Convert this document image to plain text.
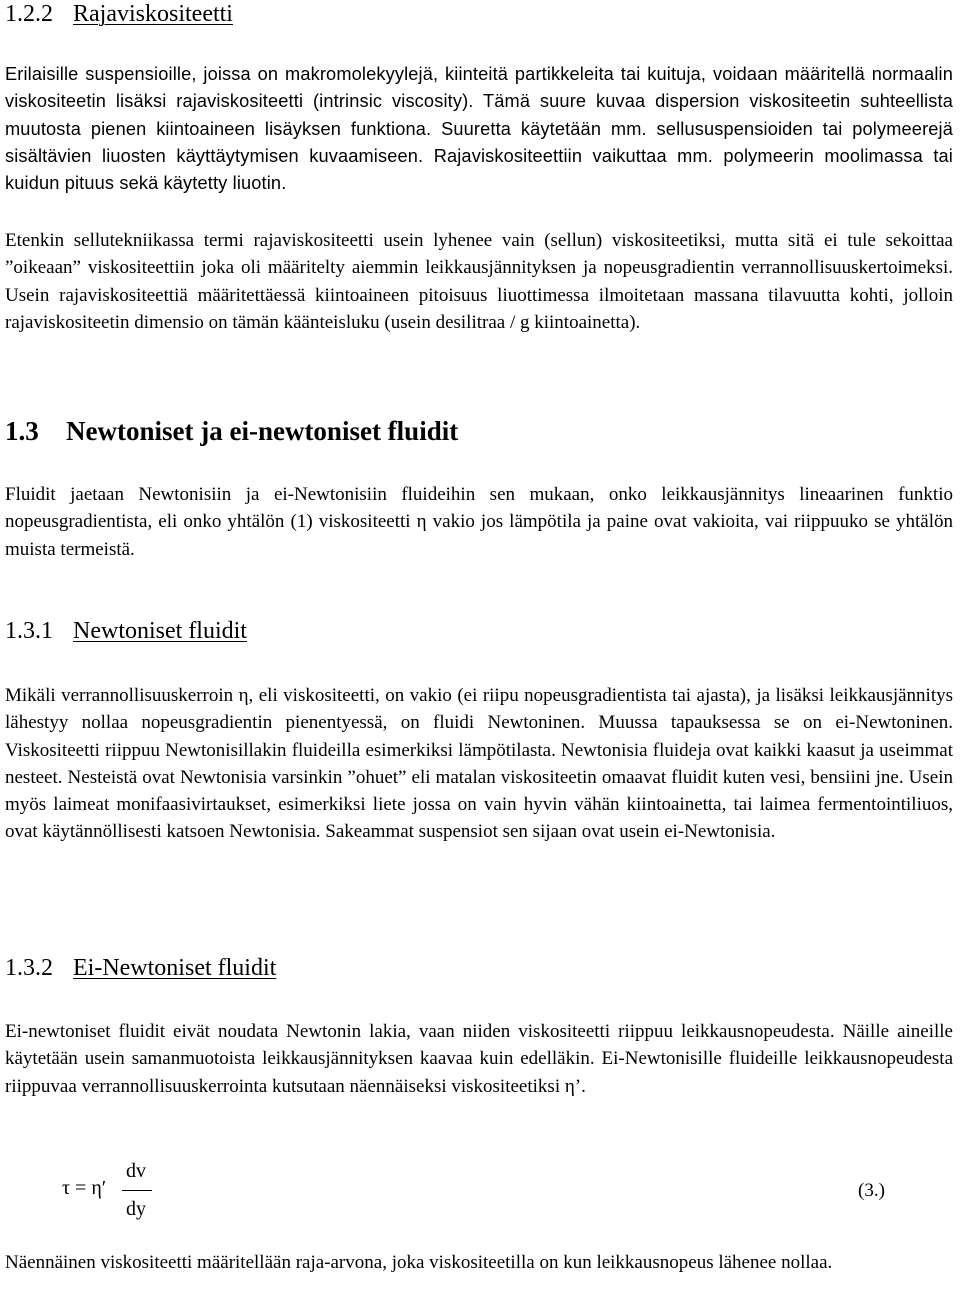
1.2.2 Rajaviskositeetti

Erilaisille suspensioille, joissa on makromolekyylejä, kiinteitä partikkeleita tai kuituja, voidaan määritellä normaalin viskositeetin lisäksi rajaviskositeetti (intrinsic viscosity). Tämä suure kuvaa dispersion viskositeetin suhteellista muutosta pienen kiintoaineen lisäyksen funktiona. Suuretta käytetään mm. sellususpensioiden tai polymeerejä sisältävien liuosten käyttäytymisen kuvaamiseen. Rajaviskositeettiin vaikuttaa mm. polymeerin moolimassa tai kuidun pituus sekä käytetty liuotin.

Etenkin sellutekniikassa termi rajaviskositeetti usein lyhenee vain (sellun) viskositeetiksi, mutta sitä ei tule sekoittaa ”oikeaan” viskositeettiin joka oli määritelty aiemmin leikkausjännityksen ja nopeusgradientin verrannollisuuskertoimeksi. Usein rajaviskositeettiä määritettäessä kiintoaineen pitoisuus liuottimessa ilmoitetaan massana tilavuutta kohti, jolloin rajaviskositeetin dimensio on tämän käänteisluku (usein desilitraa / g kiintoainetta).

1.3 Newtoniset ja ei-newtoniset fluidit

Fluidit jaetaan Newtonisiin ja ei-Newtonisiin fluideihin sen mukaan, onko leikkausjännitys lineaarinen funktio nopeusgradientista, eli onko yhtälön (1) viskositeetti η vakio jos lämpötila ja paine ovat vakioita, vai riippuuko se yhtälön muista termeistä.

1.3.1 Newtoniset fluidit

Mikäli verrannollisuuskerroin η, eli viskositeetti, on vakio (ei riipu nopeusgradientista tai ajasta), ja lisäksi leikkausjännitys lähestyy nollaa nopeusgradientin pienentyessä, on fluidi Newtoninen. Muussa tapauksessa se on ei-Newtoninen. Viskositeetti riippuu Newtonisillakin fluideilla esimerkiksi lämpötilasta. Newtonisia fluideja ovat kaikki kaasut ja useimmat nesteet. Nesteistä ovat Newtonisia varsinkin ”ohuet” eli matalan viskositeetin omaavat fluidit kuten vesi, bensiini jne. Usein myös laimeat monifaasivirtaukset, esimerkiksi liete jossa on vain hyvin vähän kiintoainetta, tai laimea fermentointiliuos, ovat käytännöllisesti katsoen Newtonisia. Sakeammat suspensiot sen sijaan ovat usein ei-Newtonisia.

1.3.2 Ei-Newtoniset fluidit

Ei-newtoniset fluidit eivät noudata Newtonin lakia, vaan niiden viskositeetti riippuu leikkausnopeudesta. Näille aineille käytetään usein samanmuotoista leikkausjännityksen kaavaa kuin edelläkin. Ei-Newtonisille fluideille leikkausnopeudesta riippuvaa verrannollisuuskerrointa kutsutaan näennäiseksi viskositeetiksi η’.

τ = η′
dv
dy
(3.)

Näennäinen viskositeetti määritellään raja-arvona, joka viskositeetilla on kun leikkausnopeus lähenee nollaa.
